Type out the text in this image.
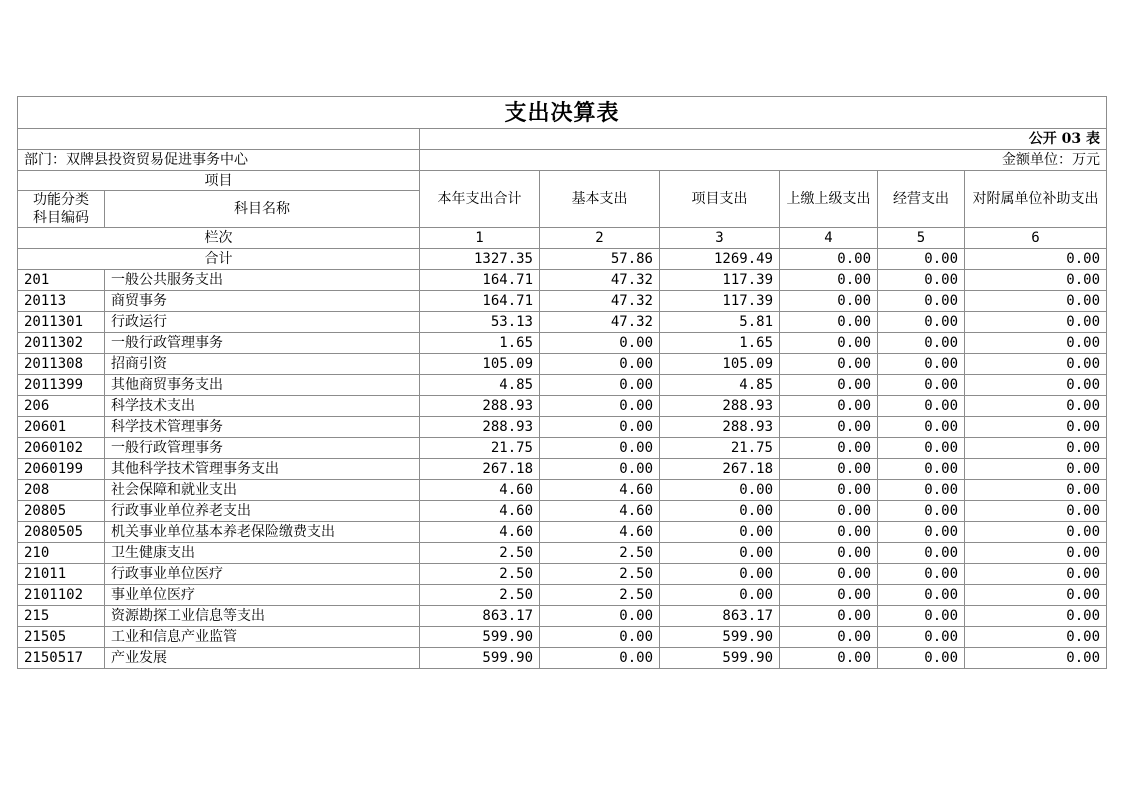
支出决算表							
		公开 03 表					
部门：双牌县投资贸易促进事务中心		金额单位：万元					
项目		本年支出合计	基本支出	项目支出	上缴上级支出	经营支出	对附属单位补助支出
功能分类
科目编码	科目名称						
栏次		1	2	3	4	5	6
合计		1327.35	57.86	1269.49	0.00	0.00	0.00
201	一般公共服务支出	164.71	47.32	117.39	0.00	0.00	0.00
20113	商贸事务	164.71	47.32	117.39	0.00	0.00	0.00
2011301	行政运行	53.13	47.32	5.81	0.00	0.00	0.00
2011302	一般行政管理事务	1.65	0.00	1.65	0.00	0.00	0.00
2011308	招商引资	105.09	0.00	105.09	0.00	0.00	0.00
2011399	其他商贸事务支出	4.85	0.00	4.85	0.00	0.00	0.00
206	科学技术支出	288.93	0.00	288.93	0.00	0.00	0.00
20601	科学技术管理事务	288.93	0.00	288.93	0.00	0.00	0.00
2060102	一般行政管理事务	21.75	0.00	21.75	0.00	0.00	0.00
2060199	其他科学技术管理事务支出	267.18	0.00	267.18	0.00	0.00	0.00
208	社会保障和就业支出	4.60	4.60	0.00	0.00	0.00	0.00
20805	行政事业单位养老支出	4.60	4.60	0.00	0.00	0.00	0.00
2080505	机关事业单位基本养老保险缴费支出	4.60	4.60	0.00	0.00	0.00	0.00
210	卫生健康支出	2.50	2.50	0.00	0.00	0.00	0.00
21011	行政事业单位医疗	2.50	2.50	0.00	0.00	0.00	0.00
2101102	事业单位医疗	2.50	2.50	0.00	0.00	0.00	0.00
215	资源勘探工业信息等支出	863.17	0.00	863.17	0.00	0.00	0.00
21505	工业和信息产业监管	599.90	0.00	599.90	0.00	0.00	0.00
2150517	产业发展	599.90	0.00	599.90	0.00	0.00	0.00
